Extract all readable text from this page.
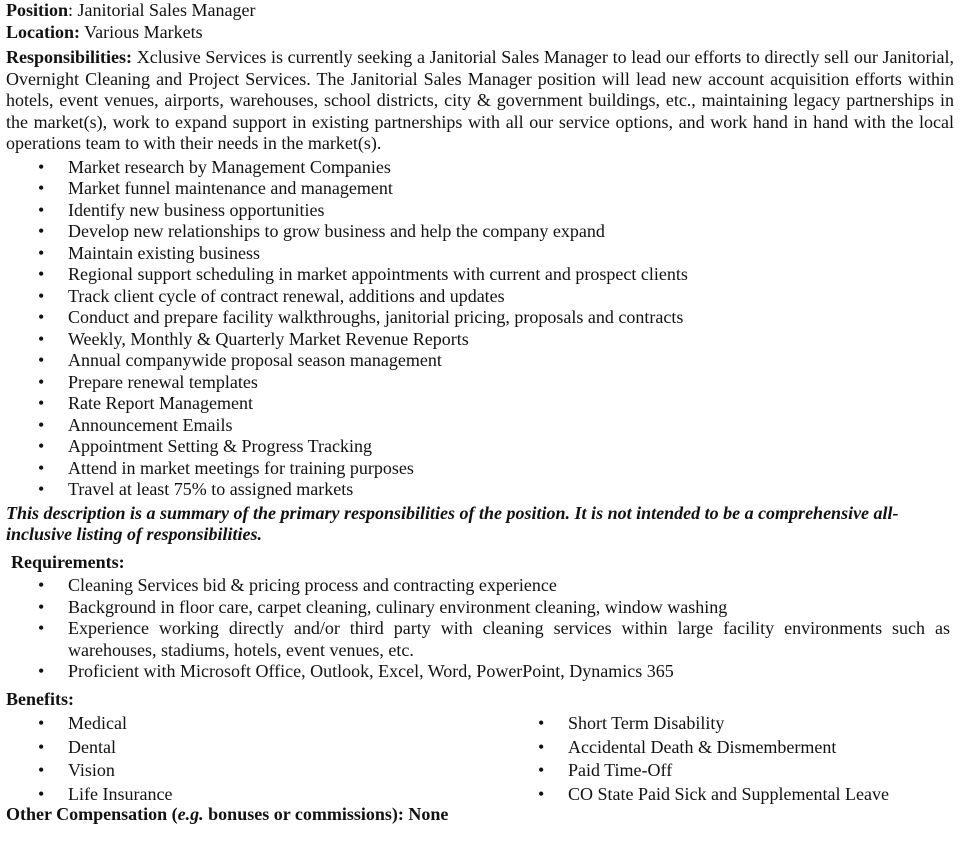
Position: Janitorial Sales Manager

Location: Various Markets

Responsibilities: Xclusive Services is currently seeking a Janitorial Sales Manager to lead our efforts to directly sell our Janitorial, Overnight Cleaning and Project Services. The Janitorial Sales Manager position will lead new account acquisition efforts within hotels, event venues, airports, warehouses, school districts, city & government buildings, etc., maintaining legacy partnerships in the market(s), work to expand support in existing partnerships with all our service options, and work hand in hand with the local operations team to with their needs in the market(s).

• Market research by Management Companies
• Market funnel maintenance and management
• Identify new business opportunities
• Develop new relationships to grow business and help the company expand
• Maintain existing business
• Regional support scheduling in market appointments with current and prospect clients
• Track client cycle of contract renewal, additions and updates
• Conduct and prepare facility walkthroughs, janitorial pricing, proposals and contracts
• Weekly, Monthly & Quarterly Market Revenue Reports
• Annual companywide proposal season management
• Prepare renewal templates
• Rate Report Management
• Announcement Emails
• Appointment Setting & Progress Tracking
• Attend in market meetings for training purposes
• Travel at least 75% to assigned markets

This description is a summary of the primary responsibilities of the position. It is not intended to be a comprehensive all-inclusive listing of responsibilities.

Requirements:

• Cleaning Services bid & pricing process and contracting experience
• Background in floor care, carpet cleaning, culinary environment cleaning, window washing
• Experience working directly and/or third party with cleaning services within large facility environments such as warehouses, stadiums, hotels, event venues, etc.
• Proficient with Microsoft Office, Outlook, Excel, Word, PowerPoint, Dynamics 365

Benefits:

• Medical
• Dental
• Vision
• Life Insurance
• Short Term Disability
• Accidental Death & Dismemberment
• Paid Time-Off
• CO State Paid Sick and Supplemental Leave

Other Compensation (e.g. bonuses or commissions): None
